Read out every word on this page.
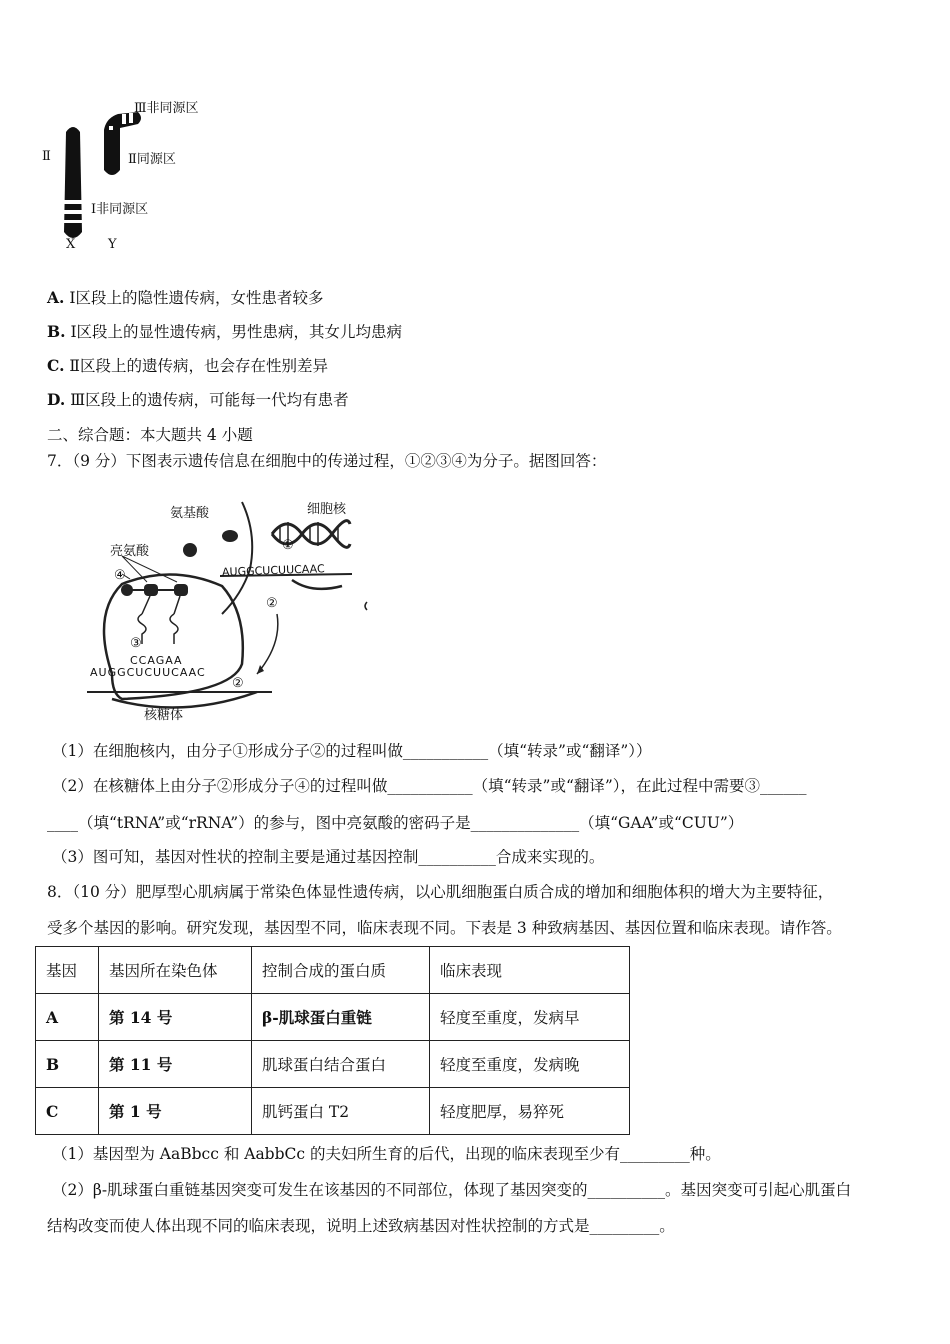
Ⅲ非同源区
Ⅱ	Ⅱ同源区
Ⅰ非同源区
X	Y
A. Ⅰ区段上的隐性遗传病，女性患者较多
B. Ⅰ区段上的显性遗传病，男性患病，其女儿均患病
C. Ⅱ区段上的遗传病，也会存在性别差异
D. Ⅲ区段上的遗传病，可能每一代均有患者
二、综合题：本大题共 4 小题
7．（9 分）下图表示遗传信息在细胞中的传递过程，①②③④为分子。据图回答：
氨基酸	细胞核
亮氨酸	①
④	AUGGCUCUUCAAC
②
③
CCAGAA
AUGGCUCUUCAAC
②
核糖体
（1）在细胞核内，由分子①形成分子②的过程叫做___________（填“转录”或“翻译”））
（2）在核糖体上由分子②形成分子④的过程叫做___________（填“转录”或“翻译”），在此过程中需要③______
____（填“tRNA”或“rRNA”）的参与，图中亮氨酸的密码子是______________（填“GAA”或“CUU”）
（3）图可知，基因对性状的控制主要是通过基因控制__________合成来实现的。
8．（10 分）肥厚型心肌病属于常染色体显性遗传病，以心肌细胞蛋白质合成的增加和细胞体积的增大为主要特征，
受多个基因的影响。研究发现，基因型不同，临床表现不同。下表是 3 种致病基因、基因位置和临床表现。请作答。
基因	基因所在染色体	控制合成的蛋白质	临床表现
A	第 14 号	β-肌球蛋白重链	轻度至重度，发病早
B	第 11 号	肌球蛋白结合蛋白	轻度至重度，发病晚
C	第 1 号	肌钙蛋白 T2	轻度肥厚，易猝死
（1）基因型为 AaBbcc 和 AabbCc 的夫妇所生育的后代，出现的临床表现至少有_________种。
（2）β-肌球蛋白重链基因突变可发生在该基因的不同部位，体现了基因突变的__________。基因突变可引起心肌蛋白
结构改变而使人体出现不同的临床表现，说明上述致病基因对性状控制的方式是_________。
